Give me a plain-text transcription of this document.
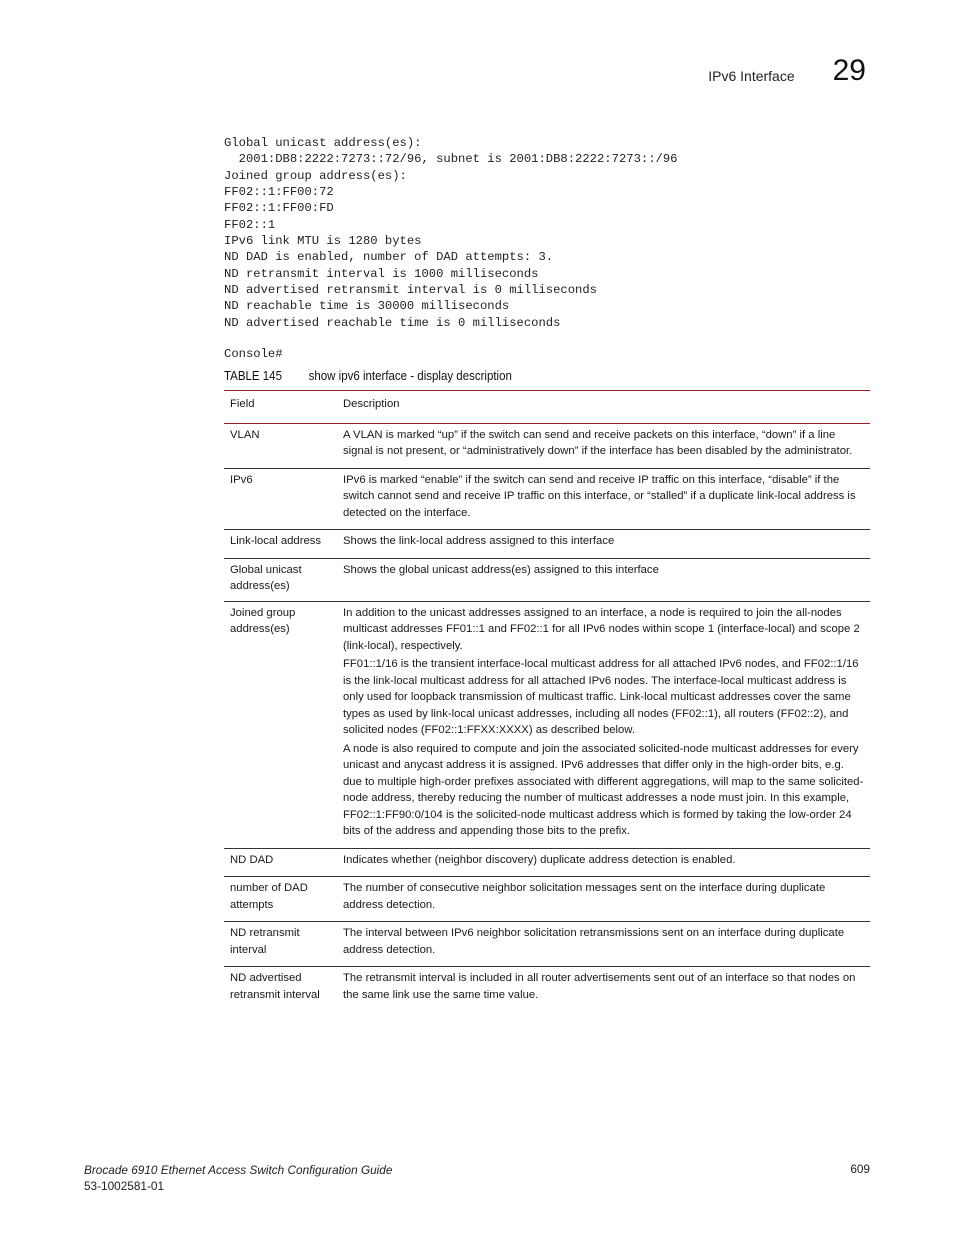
IPv6 Interface 29
Global unicast address(es):
2001:DB8:2222:7273::72/96, subnet is 2001:DB8:2222:7273::/96
Joined group address(es):
FF02::1:FF00:72
FF02::1:FF00:FD
FF02::1
IPv6 link MTU is 1280 bytes
ND DAD is enabled, number of DAD attempts: 3.
ND retransmit interval is 1000 milliseconds
ND advertised retransmit interval is 0 milliseconds
ND reachable time is 30000 milliseconds
ND advertised reachable time is 0 milliseconds
Console#
TABLE 145	show ipv6 interface - display description
Field	Description
VLAN	A VLAN is marked “up” if the switch can send and receive packets on this interface, “down” if a line signal is not present, or “administratively down” if the interface has been disabled by the administrator.

IPv6	IPv6 is marked “enable” if the switch can send and receive IP traffic on this interface, “disable” if the switch cannot send and receive IP traffic on this interface, or “stalled” if a duplicate link-local address is detected on the interface.

Link-local address	Shows the link-local address assigned to this interface

Global unicast address(es)	Shows the global unicast address(es) assigned to this interface

Joined group address(es)	In addition to the unicast addresses assigned to an interface, a node is required to join the all-nodes multicast addresses FF01::1 and FF02::1 for all IPv6 nodes within scope 1 (interface-local) and scope 2 (link-local), respectively.

FF01::1/16 is the transient interface-local multicast address for all attached IPv6 nodes, and FF02::1/16 is the link-local multicast address for all attached IPv6 nodes. The interface-local multicast address is only used for loopback transmission of multicast traffic. Link-local multicast addresses cover the same types as used by link-local unicast addresses, including all nodes (FF02::1), all routers (FF02::2), and solicited nodes (FF02::1:FFXX:XXXX) as described below.

A node is also required to compute and join the associated solicited-node multicast addresses for every unicast and anycast address it is assigned. IPv6 addresses that differ only in the high-order bits, e.g. due to multiple high-order prefixes associated with different aggregations, will map to the same solicited-node address, thereby reducing the number of multicast addresses a node must join. In this example, FF02::1:FF90:0/104 is the solicited-node multicast address which is formed by taking the low-order 24 bits of the address and appending those bits to the prefix.

ND DAD	Indicates whether (neighbor discovery) duplicate address detection is enabled.

number of DAD attempts	The number of consecutive neighbor solicitation messages sent on the interface during duplicate address detection.

ND retransmit interval	The interval between IPv6 neighbor solicitation retransmissions sent on an interface during duplicate address detection.

ND advertised retransmit interval	The retransmit interval is included in all router advertisements sent out of an interface so that nodes on the same link use the same time value.

Brocade 6910 Ethernet Access Switch Configuration Guide
53-1002581-01
609
